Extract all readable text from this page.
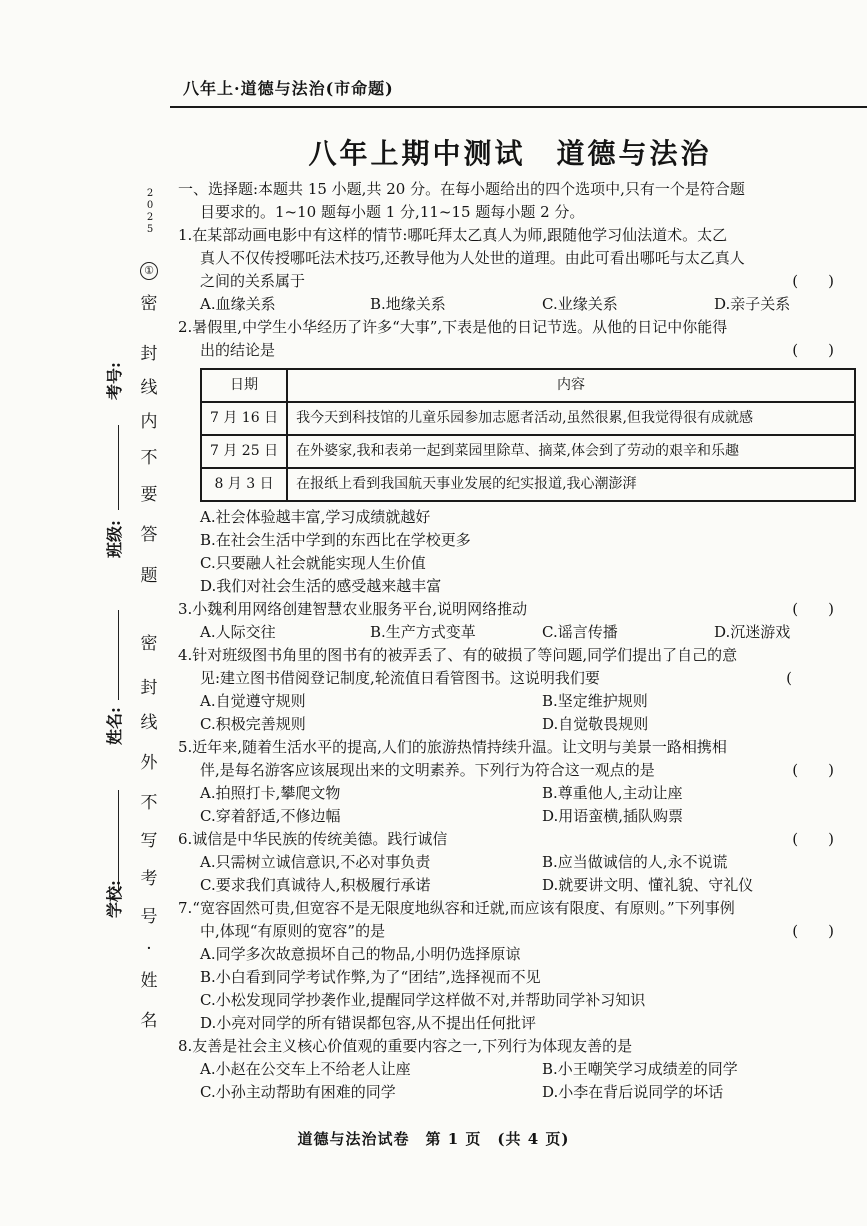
八年上·道德与法治(市命题)
八年上期中测试　道德与法治
2
0
2
5
①
密
封
线
内
不
要
答
题
密
封
线
外
不
写
考
号
·
姓
名
考号:
班级:
姓名:
学校:

一、选择题:本题共 15 小题,共 20 分。在每小题给出的四个选项中,只有一个是符合题

目要求的。1~10 题每小题 1 分,11~15 题每小题 2 分。

1.在某部动画电影中有这样的情节:哪吒拜太乙真人为师,跟随他学习仙法道术。太乙

真人不仅传授哪吒法术技巧,还教导他为人处世的道理。由此可看出哪吒与太乙真人

之间的关系属于	(　　)

A.血缘关系	B.地缘关系	C.业缘关系	D.亲子关系

2.暑假里,中学生小华经历了许多“大事”,下表是他的日记节选。从他的日记中你能得

出的结论是	(　　)

日期	内容
7 月 16 日	我今天到科技馆的儿童乐园参加志愿者活动,虽然很累,但我觉得很有成就感
7 月 25 日	在外婆家,我和表弟一起到菜园里除草、摘菜,体会到了劳动的艰辛和乐趣
8 月 3 日	在报纸上看到我国航天事业发展的纪实报道,我心潮澎湃

A.社会体验越丰富,学习成绩就越好

B.在社会生活中学到的东西比在学校更多

C.只要融人社会就能实现人生价值

D.我们对社会生活的感受越来越丰富

3.小魏利用网络创建智慧农业服务平台,说明网络推动	(　　)

A.人际交往	B.生产方式变革	C.谣言传播	D.沉迷游戏

4.针对班级图书角里的图书有的被弄丢了、有的破损了等问题,同学们提出了自己的意

见:建立图书借阅登记制度,轮流值日看管图书。这说明我们要	(

A.自觉遵守规则	B.坚定维护规则
C.积极完善规则	D.自觉敬畏规则

5.近年来,随着生活水平的提高,人们的旅游热情持续升温。让文明与美景一路相携相

伴,是每名游客应该展现出来的文明素养。下列行为符合这一观点的是	(　　)

A.拍照打卡,攀爬文物	B.尊重他人,主动让座
C.穿着舒适,不修边幅	D.用语蛮横,插队购票

6.诚信是中华民族的传统美德。践行诚信	(　　)

A.只需树立诚信意识,不必对事负责	B.应当做诚信的人,永不说谎
C.要求我们真诚待人,积极履行承诺	D.就要讲文明、懂礼貌、守礼仪

7.“宽容固然可贵,但宽容不是无限度地纵容和迁就,而应该有限度、有原则。”下列事例

中,体现“有原则的宽容”的是	(　　)

A.同学多次故意损坏自己的物品,小明仍选择原谅

B.小白看到同学考试作弊,为了“团结”,选择视而不见

C.小松发现同学抄袭作业,提醒同学这样做不对,并帮助同学补习知识

D.小亮对同学的所有错误都包容,从不提出任何批评

8.友善是社会主义核心价值观的重要内容之一,下列行为体现友善的是

A.小赵在公交车上不给老人让座	B.小王嘲笑学习成绩差的同学
C.小孙主动帮助有困难的同学	D.小李在背后说同学的坏话
道德与法治试卷　第 1 页　(共 4 页)
